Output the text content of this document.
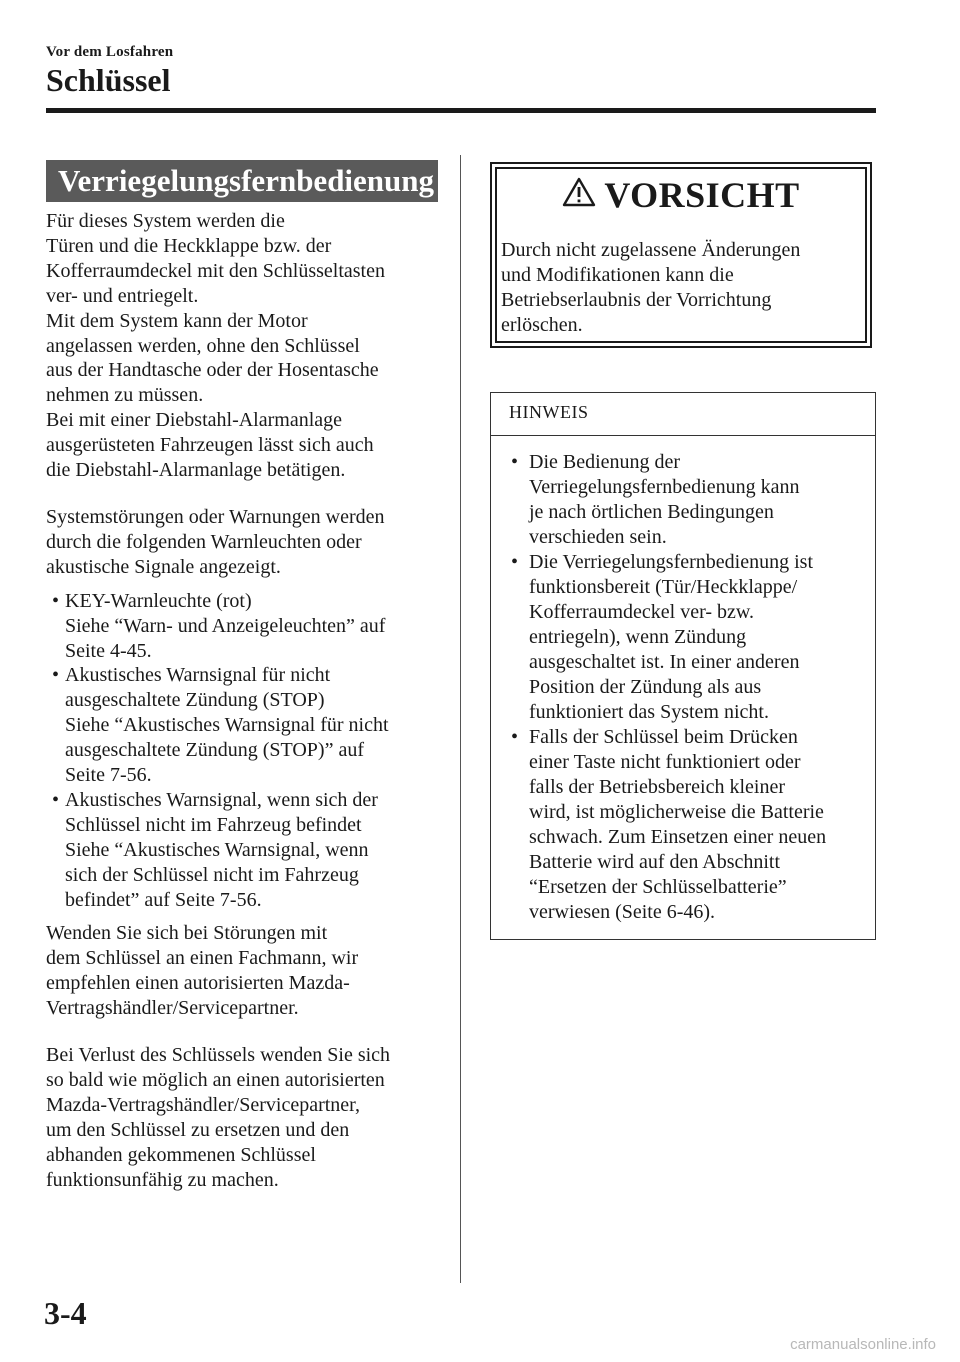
Vor dem Losfahren
Schlüssel
Verriegelungsfernbedienung
Für dieses System werden die
Türen und die Heckklappe bzw. der
Kofferraumdeckel mit den Schlüsseltasten
ver- und entriegelt.
Mit dem System kann der Motor
angelassen werden, ohne den Schlüssel
aus der Handtasche oder der Hosentasche
nehmen zu müssen.
Bei mit einer Diebstahl-Alarmanlage
ausgerüsteten Fahrzeugen lässt sich auch
die Diebstahl-Alarmanlage betätigen.
Systemstörungen oder Warnungen werden
durch die folgenden Warnleuchten oder
akustische Signale angezeigt.
• KEY-Warnleuchte (rot)
Siehe “Warn- und Anzeigeleuchten” auf
Seite 4-45.
• Akustisches Warnsignal für nicht
ausgeschaltete Zündung (STOP)
Siehe “Akustisches Warnsignal für nicht
ausgeschaltete Zündung (STOP)” auf
Seite 7-56.
• Akustisches Warnsignal, wenn sich der
Schlüssel nicht im Fahrzeug befindet
Siehe “Akustisches Warnsignal, wenn
sich der Schlüssel nicht im Fahrzeug
befindet” auf Seite 7-56.
Wenden Sie sich bei Störungen mit
dem Schlüssel an einen Fachmann, wir
empfehlen einen autorisierten Mazda-
Vertragshändler/Servicepartner.
Bei Verlust des Schlüssels wenden Sie sich
so bald wie möglich an einen autorisierten
Mazda-Vertragshändler/Servicepartner,
um den Schlüssel zu ersetzen und den
abhanden gekommenen Schlüssel
funktionsunfähig zu machen.
VORSICHT
Durch nicht zugelassene Änderungen
und Modifikationen kann die
Betriebserlaubnis der Vorrichtung
erlöschen.
HINWEIS
• Die Bedienung der
Verriegelungsfernbedienung kann
je nach örtlichen Bedingungen
verschieden sein.
• Die Verriegelungsfernbedienung ist
funktionsbereit (Tür/Heckklappe/
Kofferraumdeckel ver- bzw.
entriegeln), wenn Zündung
ausgeschaltet ist. In einer anderen
Position der Zündung als aus
funktioniert das System nicht.
• Falls der Schlüssel beim Drücken
einer Taste nicht funktioniert oder
falls der Betriebsbereich kleiner
wird, ist möglicherweise die Batterie
schwach. Zum Einsetzen einer neuen
Batterie wird auf den Abschnitt
“Ersetzen der Schlüsselbatterie”
verwiesen (Seite 6-46).
3-4
carmanualsonline.info
